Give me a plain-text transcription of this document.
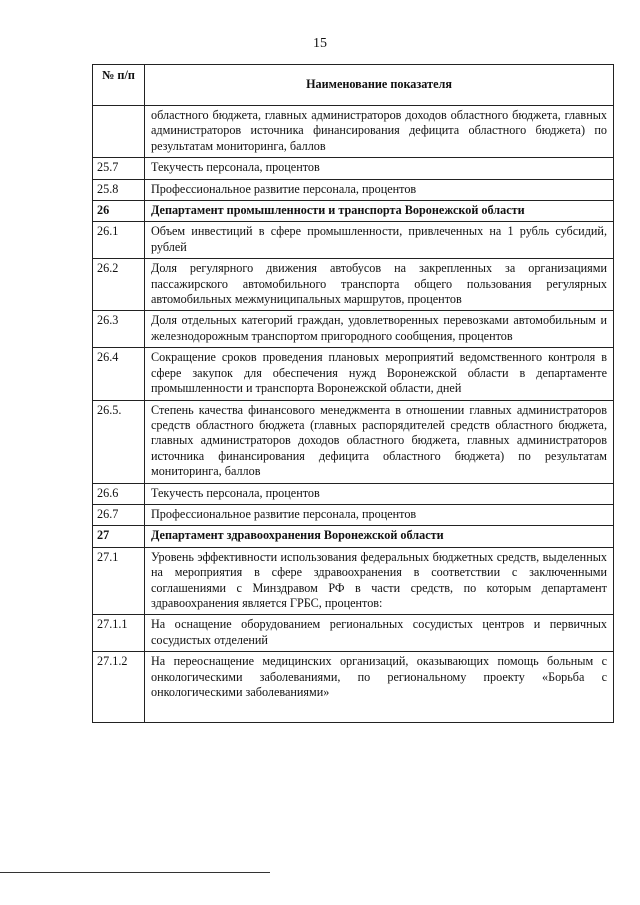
15
№ п/п	Наименование показателя
	областного бюджета, главных администраторов доходов областного бюджета, главных администраторов источника финансирования дефицита областного бюджета) по результатам мониторинга, баллов
25.7	Текучесть персонала, процентов
25.8	Профессиональное развитие персонала, процентов
26	Департамент промышленности и транспорта Воронежской области
26.1	Объем инвестиций в сфере промышленности, привлеченных на 1 рубль субсидий, рублей
26.2	Доля регулярного движения автобусов на закрепленных за организациями пассажирского автомобильного транспорта общего пользования регулярных автомобильных межмуниципальных маршрутов, процентов
26.3	Доля отдельных категорий граждан, удовлетворенных перевозками автомобильным и железнодорожным транспортом пригородного сообщения, процентов
26.4	Сокращение сроков проведения плановых мероприятий ведомственного контроля в сфере закупок для обеспечения нужд Воронежской области в департаменте промышленности и транспорта Воронежской области, дней
26.5.	Степень качества финансового менеджмента в отношении главных администраторов средств областного бюджета (главных распорядителей средств областного бюджета, главных администраторов доходов областного бюджета, главных администраторов источника финансирования дефицита областного бюджета) по результатам мониторинга, баллов
26.6	Текучесть персонала, процентов
26.7	Профессиональное развитие персонала, процентов
27	Департамент здравоохранения Воронежской области
27.1	Уровень эффективности использования федеральных бюджетных средств, выделенных на мероприятия в сфере здравоохранения в соответствии с заключенными соглашениями с Минздравом РФ в части средств, по которым департамент здравоохранения является ГРБС, процентов:
27.1.1	На оснащение оборудованием региональных сосудистых центров и первичных сосудистых отделений
27.1.2	На переоснащение медицинских организаций, оказывающих помощь больным с онкологическими заболеваниями, по региональному проекту «Борьба с онкологическими заболеваниями»
